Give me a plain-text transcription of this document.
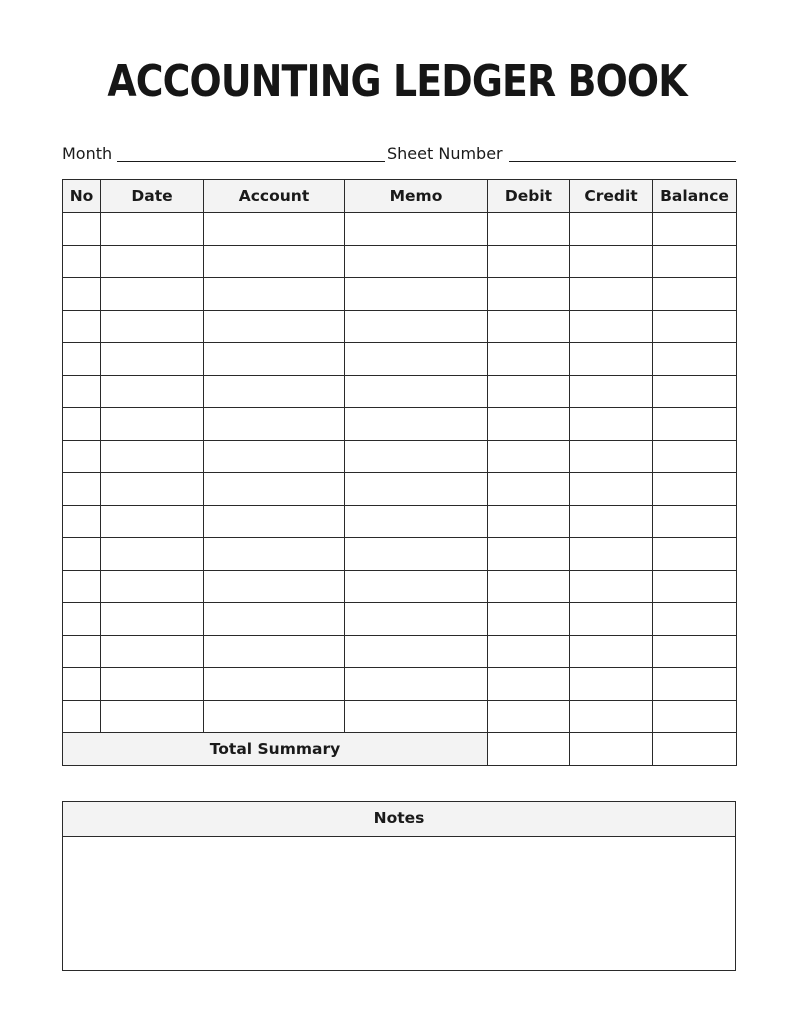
ACCOUNTING LEDGER BOOK
Month	Sheet Number
No	Date	Account	Memo	Debit	Credit	Balance

Total Summary						
Notes
